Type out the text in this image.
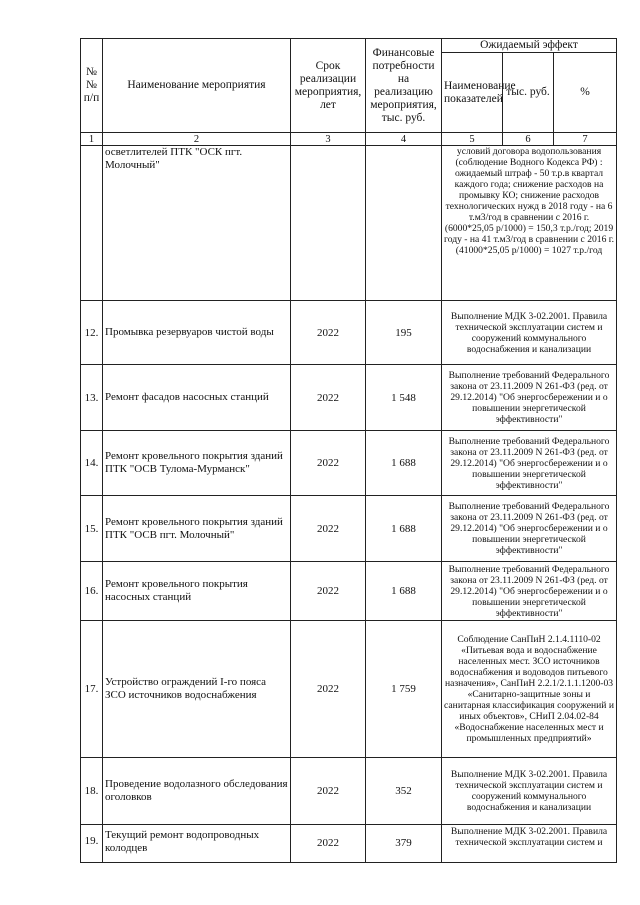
№№ п/п	Наименование мероприятия	Срок реализации мероприятия, лет	Финансовые потребности на реализацию мероприятия, тыс. руб.	Ожидаемый эффект		
				Наименование показателей	тыс. руб.	%
1	2	3	4	5	6	7
	осветлителей ПТК "ОСК пгт. Молочный"			условий договора водопользования (соблюдение Водного Кодекса РФ) : ожидаемый штраф - 50 т.р.в квартал каждого года; снижение расходов на промывку КО; снижение расходов технологических нужд в 2018 году - на 6 т.м3/год в сравнении с 2016 г. (6000*25,05 р/1000) = 150,3 т.р./год; 2019 году - на 41 т.м3/год в сравнении с 2016 г. (41000*25,05 р/1000) = 1027 т.р./год		
12.	Промывка резервуаров чистой воды	2022	195	Выполнение МДК 3-02.2001. Правила технической эксплуатации систем и сооружений коммунального водоснабжения и канализации		
13.	Ремонт фасадов насосных станций	2022	1 548	Выполнение требований Федерального закона от 23.11.2009 N 261-ФЗ (ред. от 29.12.2014) "Об энергосбережении и о повышении энергетической эффективности"		
14.	Ремонт кровельного покрытия зданий ПТК "ОСВ Тулома-Мурманск"	2022	1 688	Выполнение требований Федерального закона от 23.11.2009 N 261-ФЗ (ред. от 29.12.2014) "Об энергосбережении и о повышении энергетической эффективности"		
15.	Ремонт кровельного покрытия зданий ПТК "ОСВ пгт. Молочный"	2022	1 688	Выполнение требований Федерального закона от 23.11.2009 N 261-ФЗ (ред. от 29.12.2014) "Об энергосбережении и о повышении энергетической эффективности"		
16.	Ремонт кровельного покрытия насосных станций	2022	1 688	Выполнение требований Федерального закона от 23.11.2009 N 261-ФЗ (ред. от 29.12.2014) "Об энергосбережении и о повышении энергетической эффективности"		
17.	Устройство ограждений I-го пояса ЗСО источников водоснабжения	2022	1 759	Соблюдение СанПиН 2.1.4.1110-02 «Питьевая вода и водоснабжение населенных мест. ЗСО источников водоснабжения и водоводов питьевого назначения», СанПиН 2.2.1/2.1.1.1200-03 «Санитарно-защитные зоны и санитарная классификация сооружений и иных объектов», СНиП 2.04.02-84 «Водоснабжение населенных мест и промышленных предприятий»		
18.	Проведение водолазного обследования оголовков	2022	352	Выполнение МДК 3-02.2001. Правила технической эксплуатации систем и сооружений коммунального водоснабжения и канализации		
19.	Текущий ремонт водопроводных колодцев	2022	379	Выполнение МДК 3-02.2001. Правила технической эксплуатации систем и		
